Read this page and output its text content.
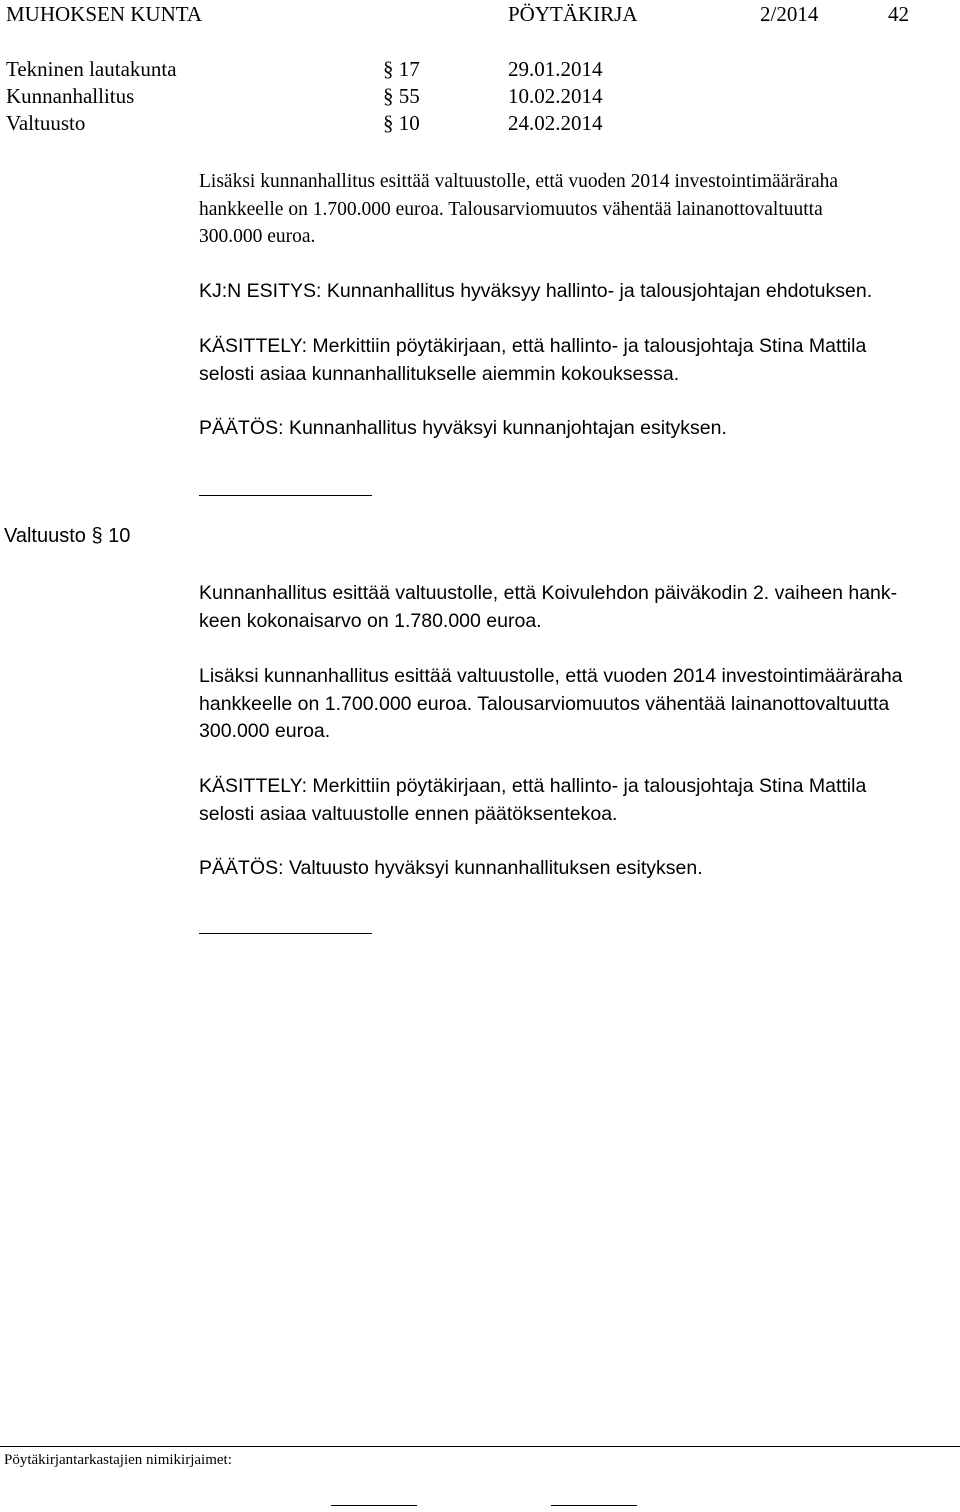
MUHOKSEN KUNTA	PÖYTÄKIRJA	2/2014	42
Tekninen lautakunta	§ 17	29.01.2014
Kunnanhallitus	§ 55	10.02.2014
Valtuusto	§ 10	24.02.2014
Lisäksi kunnanhallitus esittää valtuustolle, että vuoden 2014 investointimääräraha
hankkeelle on 1.700.000 euroa. Talousarviomuutos vähentää lainanottovaltuutta
300.000 euroa.
KJ:N ESITYS: Kunnanhallitus hyväksyy hallinto- ja talousjohtajan ehdotuksen.
KÄSITTELY: Merkittiin pöytäkirjaan, että hallinto- ja talousjohtaja Stina Mattila
selosti asiaa kunnanhallitukselle aiemmin kokouksessa.
PÄÄTÖS: Kunnanhallitus hyväksyi kunnanjohtajan esityksen.
Valtuusto § 10
Kunnanhallitus esittää valtuustolle, että Koivulehdon päiväkodin 2. vaiheen hank-
keen kokonaisarvo on 1.780.000 euroa.
Lisäksi kunnanhallitus esittää valtuustolle, että vuoden 2014 investointimääräraha
hankkeelle on 1.700.000 euroa. Talousarviomuutos vähentää lainanottovaltuutta
300.000 euroa.
KÄSITTELY: Merkittiin pöytäkirjaan, että hallinto- ja talousjohtaja Stina Mattila
selosti asiaa valtuustolle ennen päätöksentekoa.
PÄÄTÖS: Valtuusto hyväksyi kunnanhallituksen esityksen.
Pöytäkirjantarkastajien nimikirjaimet:
